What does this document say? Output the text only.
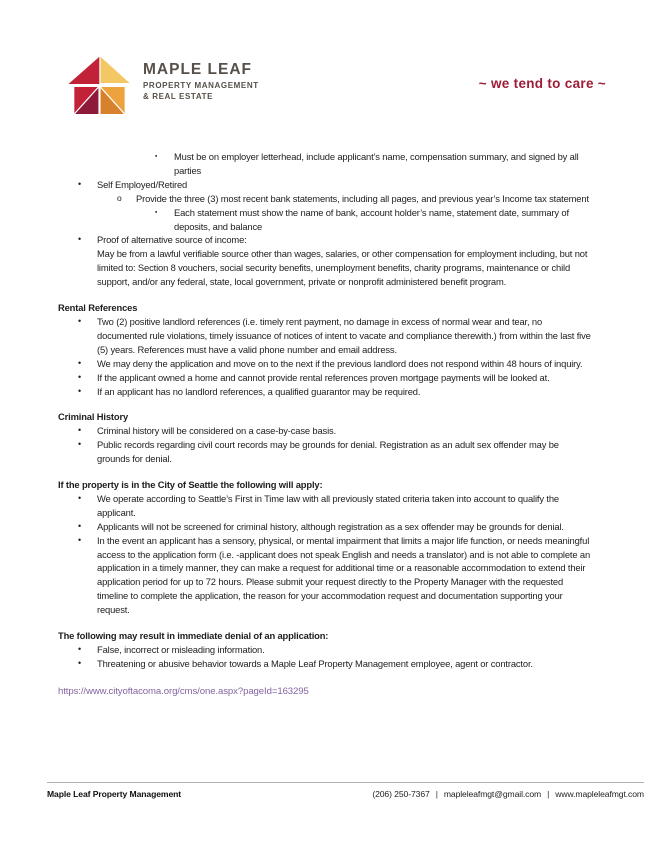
MAPLE LEAF
PROPERTY MANAGEMENT
& REAL ESTATE
~ we tend to care ~
▪ Must be on employer letterhead, include applicant’s name, compensation summary, and signed by all parties
• Self Employed/Retired
o Provide the three (3) most recent bank statements, including all pages, and previous year’s Income tax statement
▪ Each statement must show the name of bank, account holder’s name, statement date, summary of deposits, and balance
• Proof of alternative source of income:
May be from a lawful verifiable source other than wages, salaries, or other compensation for employment including, but not limited to: Section 8 vouchers, social security benefits, unemployment benefits, charity programs, maintenance or child support, and/or any federal, state, local government, private or nonprofit administered benefit program.
Rental References
• Two (2) positive landlord references (i.e. timely rent payment, no damage in excess of normal wear and tear, no documented rule violations, timely issuance of notices of intent to vacate and compliance therewith.) from within the last five (5) years. References must have a valid phone number and email address.
• We may deny the application and move on to the next if the previous landlord does not respond within 48 hours of inquiry.
• If the applicant owned a home and cannot provide rental references proven mortgage payments will be looked at.
• If an applicant has no landlord references, a qualified guarantor may be required.
Criminal History
• Criminal history will be considered on a case-by-case basis.
• Public records regarding civil court records may be grounds for denial. Registration as an adult sex offender may be grounds for denial.
If the property is in the City of Seattle the following will apply:
• We operate according to Seattle’s First in Time law with all previously stated criteria taken into account to qualify the applicant.
• Applicants will not be screened for criminal history, although registration as a sex offender may be grounds for denial.
• In the event an applicant has a sensory, physical, or mental impairment that limits a major life function, or needs meaningful access to the application form (i.e. -applicant does not speak English and needs a translator) and is not able to complete an application in a timely manner, they can make a request for additional time or a reasonable accommodation to extend their application period for up to 72 hours. Please submit your request directly to the Property Manager with the requested timeline to complete the application, the reason for your accommodation request and documentation supporting your request.
The following may result in immediate denial of an application:
• False, incorrect or misleading information.
• Threatening or abusive behavior towards a Maple Leaf Property Management employee, agent or contractor.
https://www.cityoftacoma.org/cms/one.aspx?pageId=163295
Maple Leaf Property Management	(206) 250-7367 | mapleleafmgt@gmail.com | www.mapleleafmgt.com
